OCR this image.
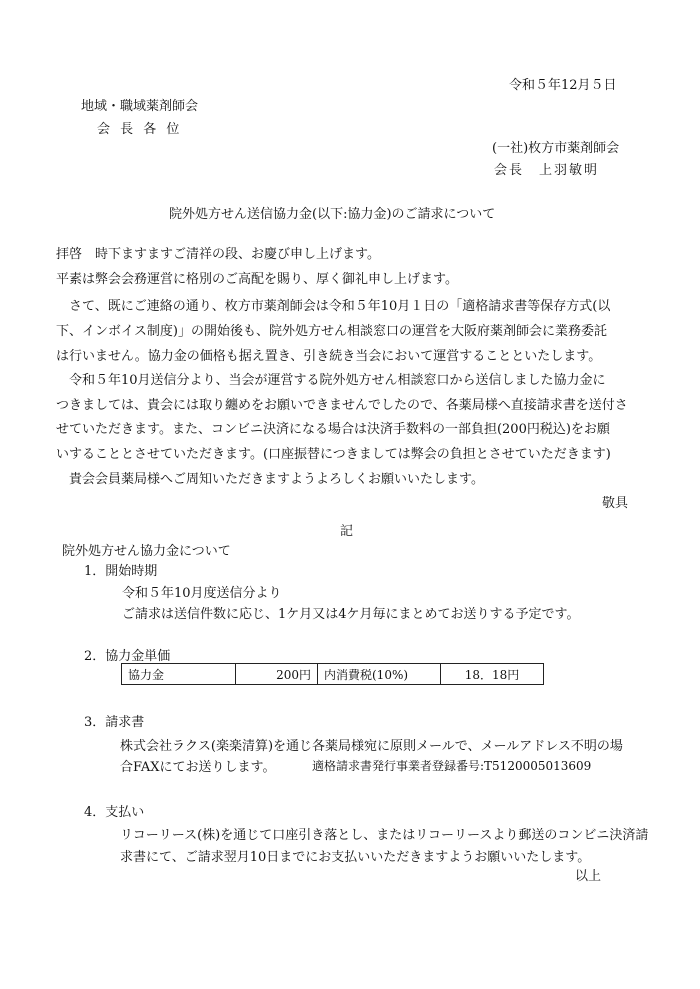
令和５年12月５日
地域・職域薬剤師会
会 長 各 位
(一社)枚方市薬剤師会
会長　上羽敏明
院外処方せん送信協力金(以下:協力金)のご請求について
拝啓　時下ますますご清祥の段、お慶び申し上げます。
平素は弊会会務運営に格別のご高配を賜り、厚く御礼申し上げます。
　さて、既にご連絡の通り、枚方市薬剤師会は令和５年10月１日の「適格請求書等保存方式(以
下、インボイス制度)」の開始後も、院外処方せん相談窓口の運営を大阪府薬剤師会に業務委託
は行いません。協力金の価格も据え置き、引き続き当会において運営することといたします。
　令和５年10月送信分より、当会が運営する院外処方せん相談窓口から送信しました協力金に
つきましては、貴会には取り纏めをお願いできませんでしたので、各薬局様へ直接請求書を送付さ
せていただきます。また、コンビニ決済になる場合は決済手数料の一部負担(200円税込)をお願
いすることとさせていただきます。(口座振替につきましては弊会の負担とさせていただきます)
　貴会会員薬局様へご周知いただきますようよろしくお願いいたします。
敬具
記
院外処方せん協力金について
1．開始時期
令和５年10月度送信分より
ご請求は送信件数に応じ、1ケ月又は4ケ月毎にまとめてお送りする予定です。
2．協力金単価
協力金	200円	内消費税(10%)	18．18円
3．請求書
株式会社ラクス(楽楽清算)を通じ各薬局様宛に原則メールで、メールアドレス不明の場
合FAXにてお送りします。	適格請求書発行事業者登録番号:T5120005013609
4．支払い
リコーリース(株)を通じて口座引き落とし、またはリコーリースより郵送のコンビニ決済請
求書にて、ご請求翌月10日までにお支払いいただきますようお願いいたします。
以上
